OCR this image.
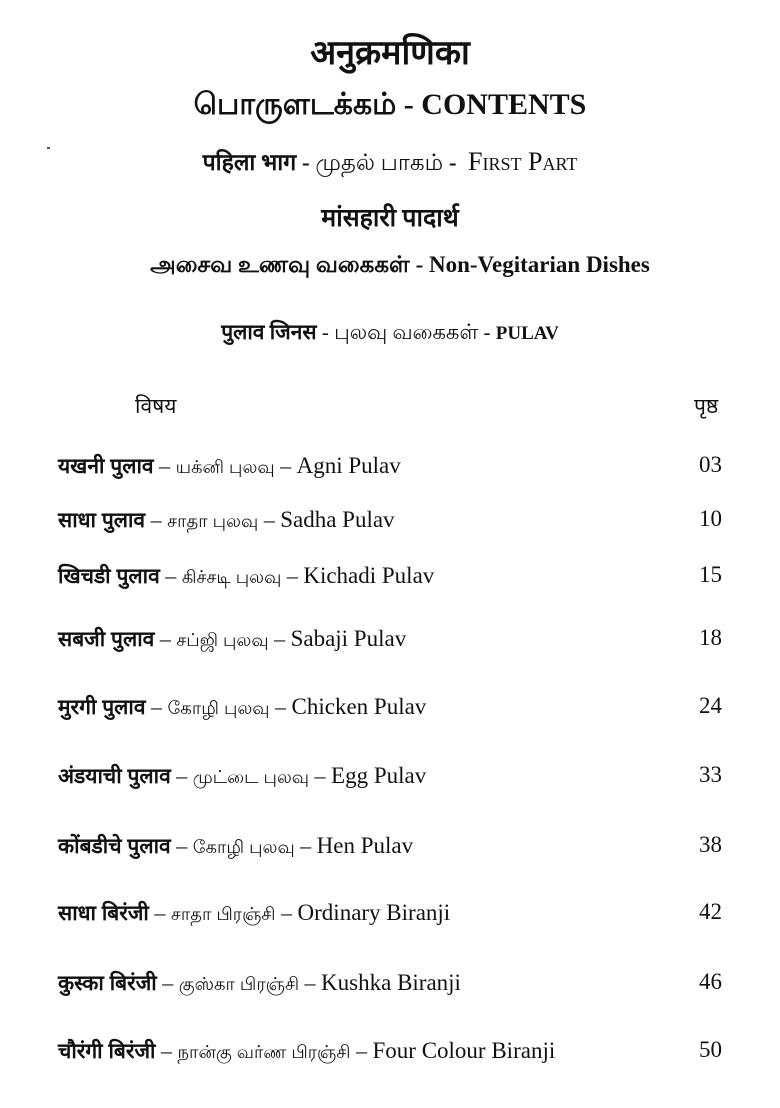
अनुक्रमणिका
பொருளடக்கம் - CONTENTS
पहिला भाग - முதல் பாகம் -  First Part
मांसहारी पादार्थ
அசைவ உணவு வகைகள் - Non-Vegitarian Dishes
पुलाव जिनस - புலவு வகைகள் - PULAV
विषय	पृष्ठ
यखनी पुलाव – யக்னி புலவு – Agni Pulav	03
साधा पुलाव – சாதா புலவு – Sadha Pulav	10
खिचडी पुलाव – கிச்சடி புலவு – Kichadi Pulav	15
सबजी पुलाव – சப்ஜி புலவு – Sabaji Pulav	18
मुरगी पुलाव – கோழி புலவு – Chicken Pulav	24
अंडयाची पुलाव – முட்டை புலவு – Egg Pulav	33
कोंबडीचे पुलाव – கோழி புலவு – Hen Pulav	38
साधा बिरंजी – சாதா பிரஞ்சி – Ordinary Biranji	42
कुस्का बिरंजी – குஸ்கா பிரஞ்சி – Kushka Biranji	46
चौरंगी बिरंजी – நான்கு வர்ண பிரஞ்சி – Four Colour Biranji	50
